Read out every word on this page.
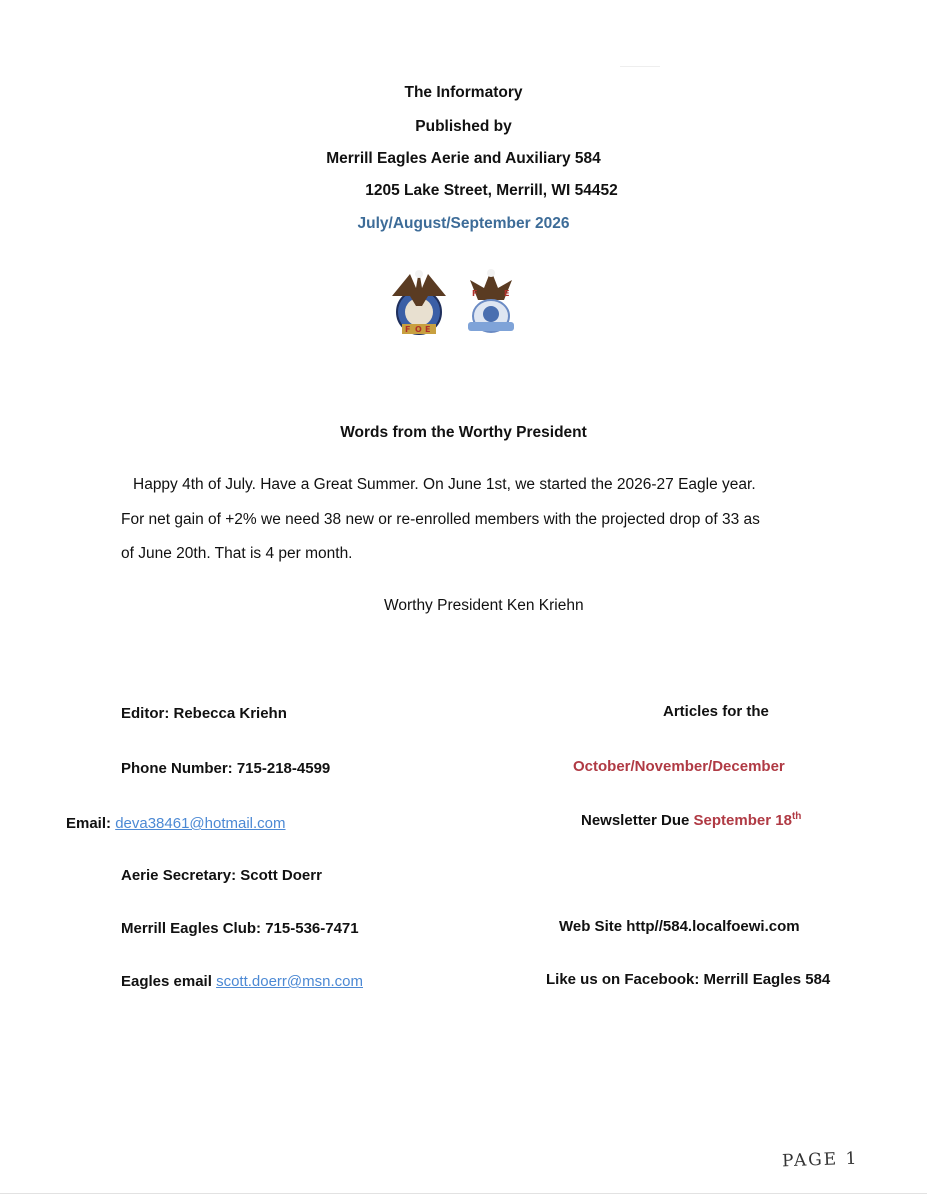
The Informatory
Published by
Merrill Eagles Aerie and Auxiliary 584
1205 Lake Street, Merrill, WI 54452
July/August/September 2026
F O E
F	E
Words from the Worthy President
Happy 4th of July. Have a Great Summer. On June 1st, we started the 2026-27 Eagle year.
For net gain of +2% we need 38 new or re-enrolled members with the projected drop of 33 as
of June 20th. That is 4 per month.
Worthy President Ken Kriehn
Editor: Rebecca Kriehn
Phone Number: 715-218-4599
Email: deva38461@hotmail.com
Aerie Secretary: Scott Doerr
Merrill Eagles Club: 715-536-7471
Eagles email scott.doerr@msn.com
Articles for the
October/November/December
Newsletter Due September 18th
Web Site http//584.localfoewi.com
Like us on Facebook: Merrill Eagles 584
PAGE 1
